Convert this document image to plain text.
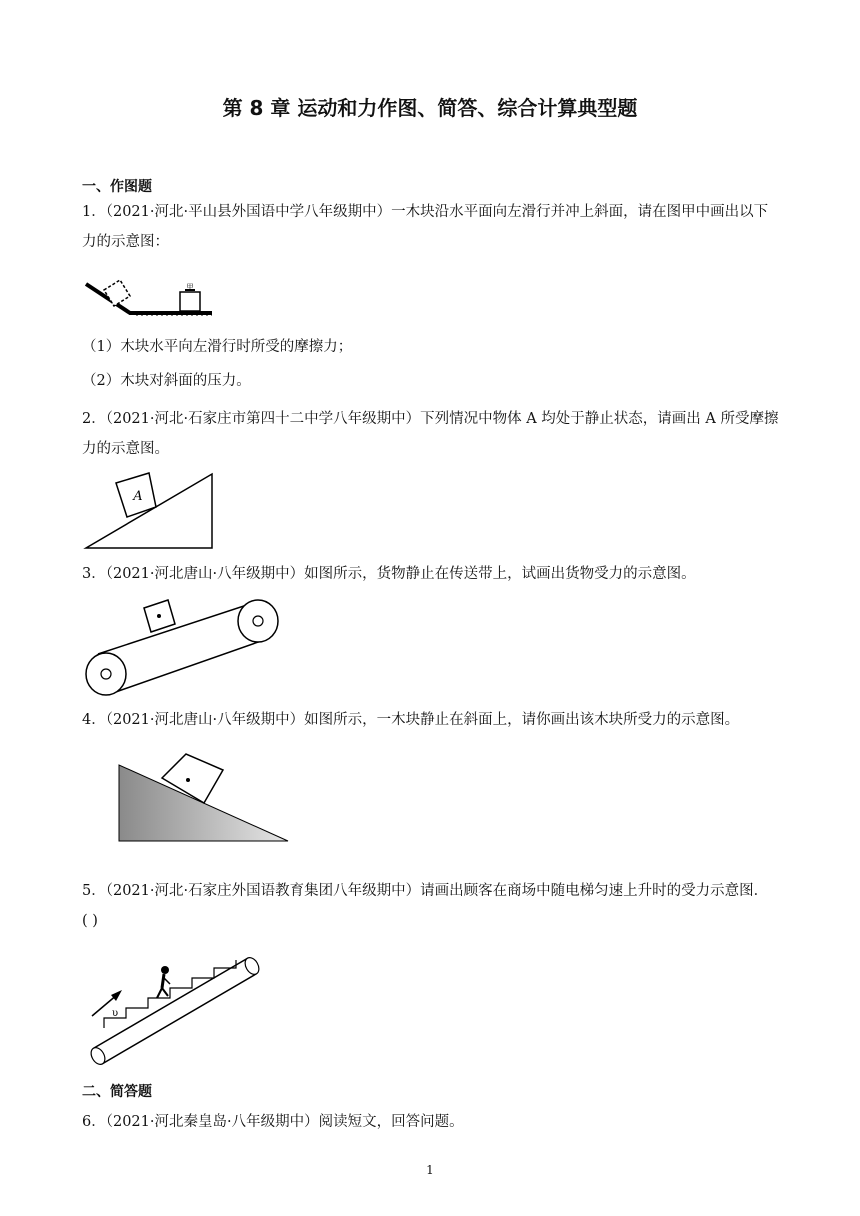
第 8 章 运动和力作图、简答、综合计算典型题
一、作图题
1．（2021·河北·平山县外国语中学八年级期中）一木块沿水平面向左滑行并冲上斜面，请在图甲中画出以下力的示意图：
甲
（1）木块水平向左滑行时所受的摩擦力；
（2）木块对斜面的压力。
2．（2021·河北·石家庄市第四十二中学八年级期中）下列情况中物体 A 均处于静止状态，请画出 A 所受摩擦力的示意图。
A
3．（2021·河北唐山·八年级期中）如图所示，货物静止在传送带上，试画出货物受力的示意图。
4．（2021·河北唐山·八年级期中）如图所示，一木块静止在斜面上，请你画出该木块所受力的示意图。
5．（2021·河北·石家庄外国语教育集团八年级期中）请画出顾客在商场中随电梯匀速上升时的受力示意图．
( )
υ
二、简答题
6．（2021·河北秦皇岛·八年级期中）阅读短文，回答问题。
1
